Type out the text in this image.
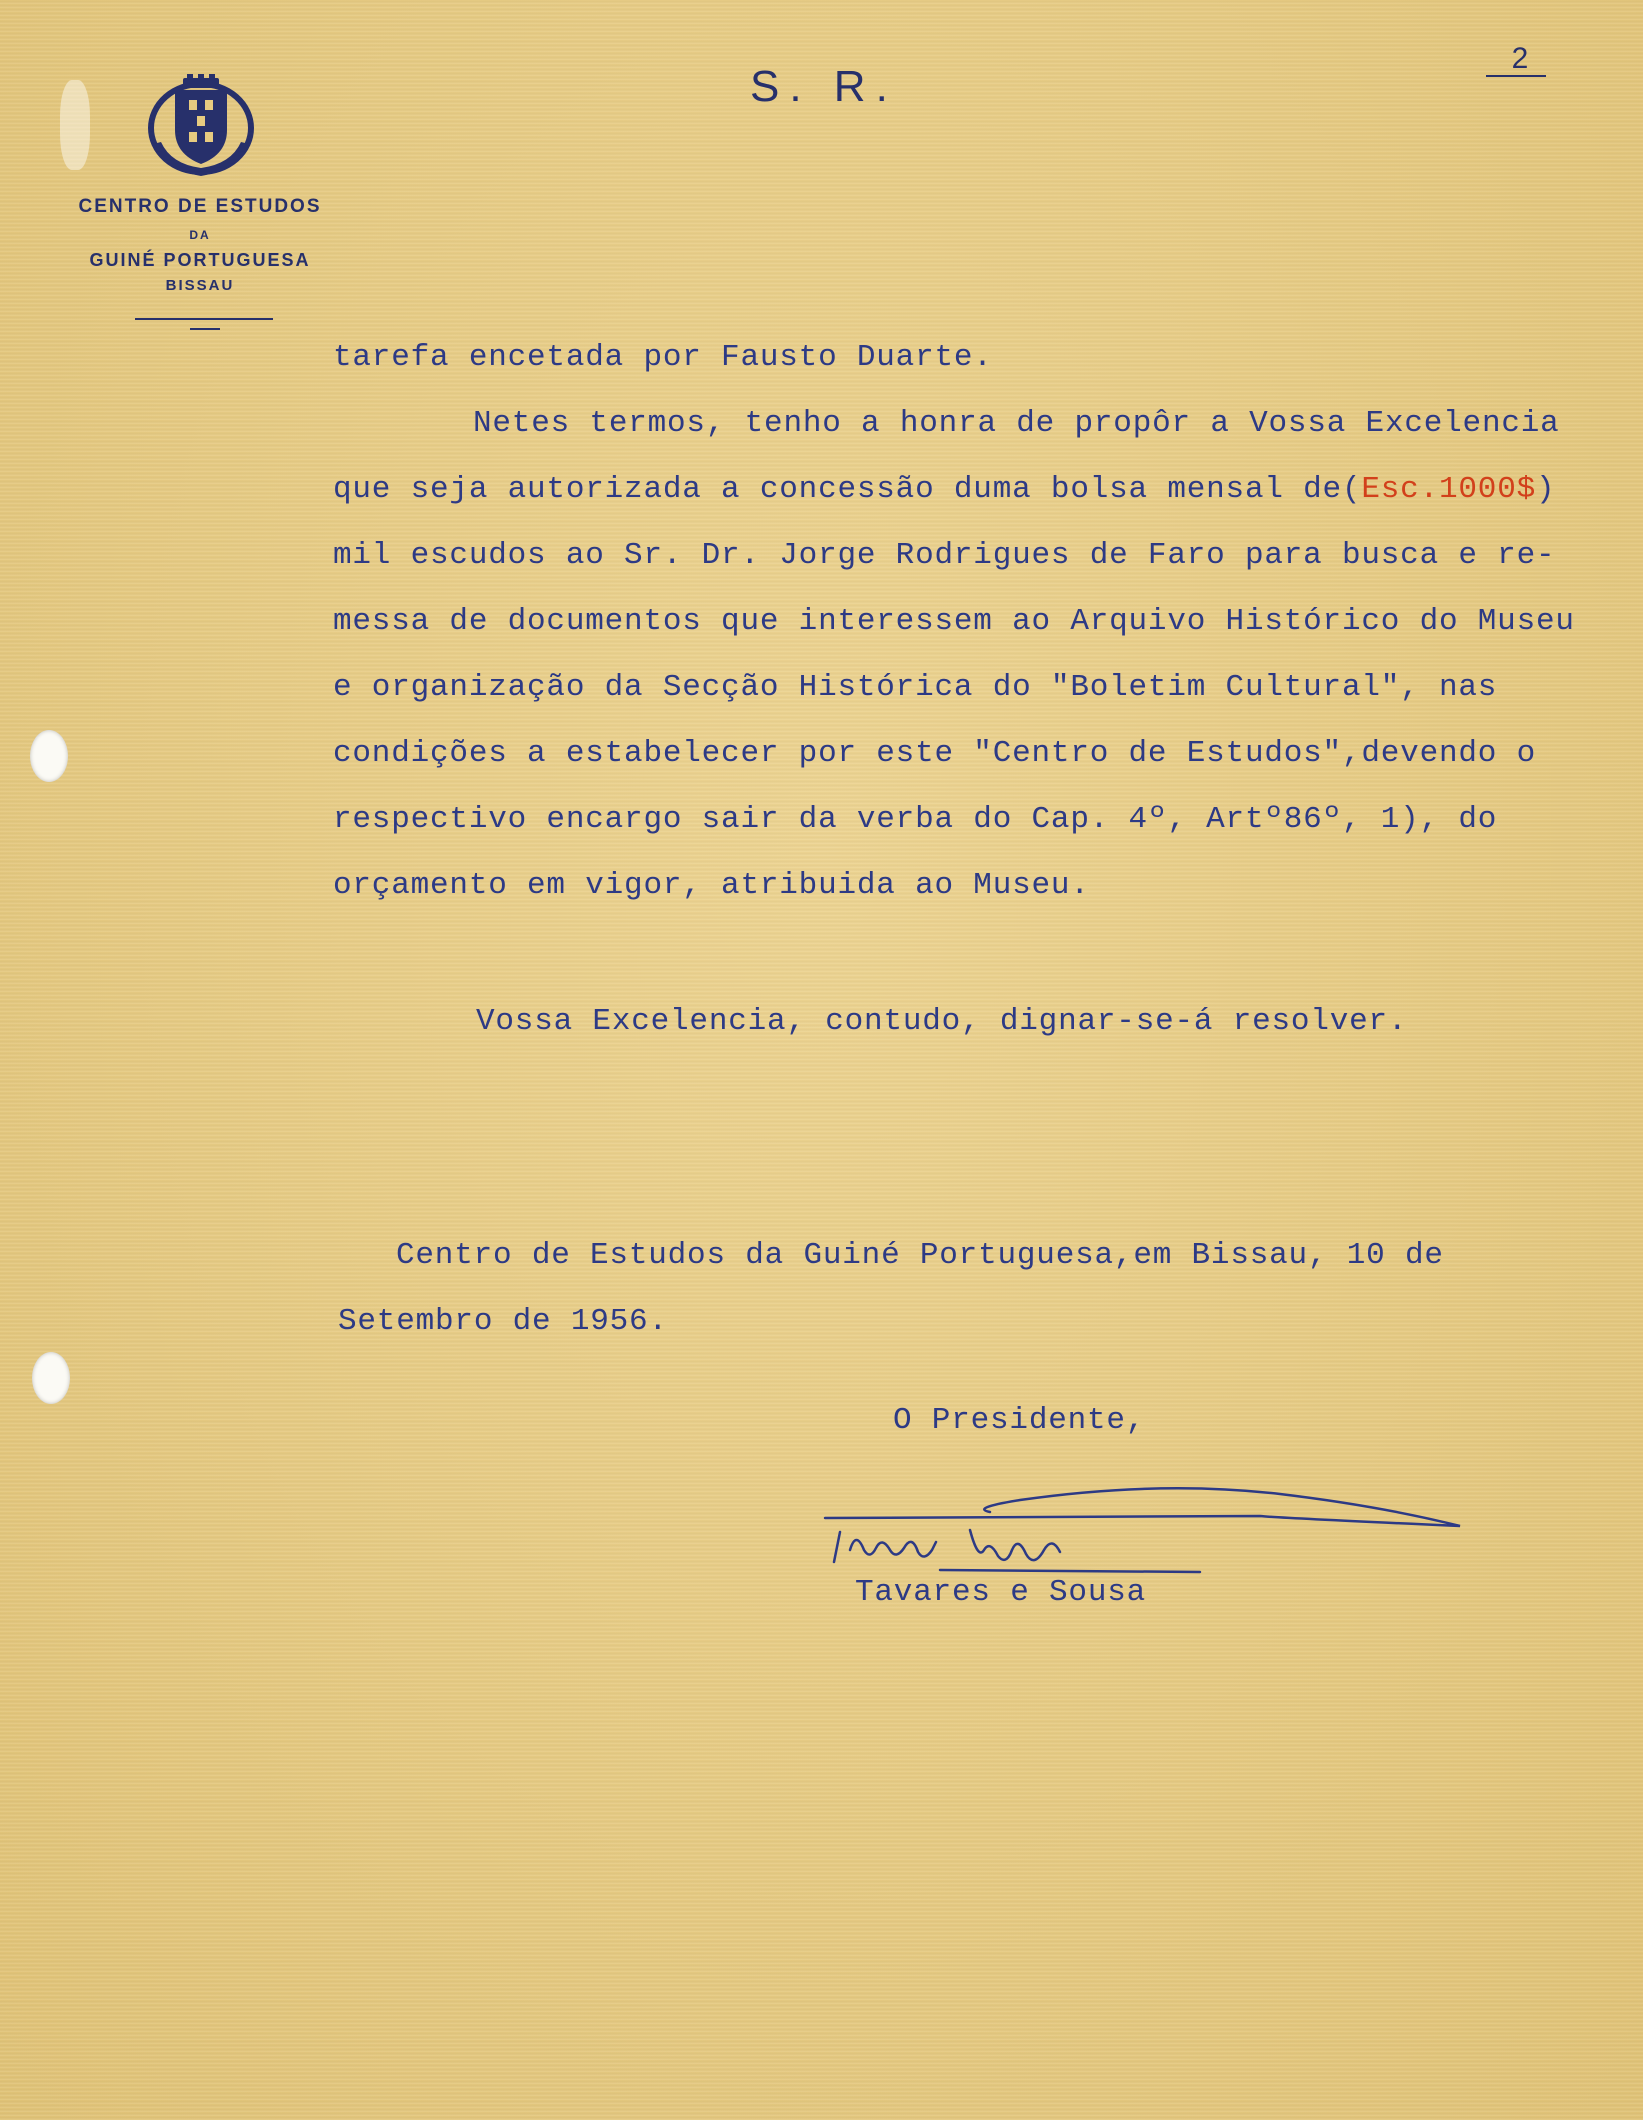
CENTRO DE ESTUDOS
DA
GUINÉ PORTUGUESA
BISSAU
S. R.
2
tarefa encetada por Fausto Duarte.
Netes termos, tenho a honra de propôr a Vossa Excelencia
que seja autorizada a concessão duma bolsa mensal de(Esc.1000$)
mil escudos ao Sr. Dr. Jorge Rodrigues de Faro para busca e re-
messa de documentos que interessem ao Arquivo Histórico do Museu
e organização da Secção Histórica do "Boletim Cultural", nas
condições a estabelecer por este "Centro de Estudos",devendo o
respectivo encargo sair da verba do Cap. 4º, Artº86º, 1), do
orçamento em vigor, atribuida ao Museu.
Vossa Excelencia, contudo, dignar-se-á resolver.
Centro de Estudos da Guiné Portuguesa,em Bissau, 10 de
Setembro de 1956.
O Presidente,
Tavares e Sousa
